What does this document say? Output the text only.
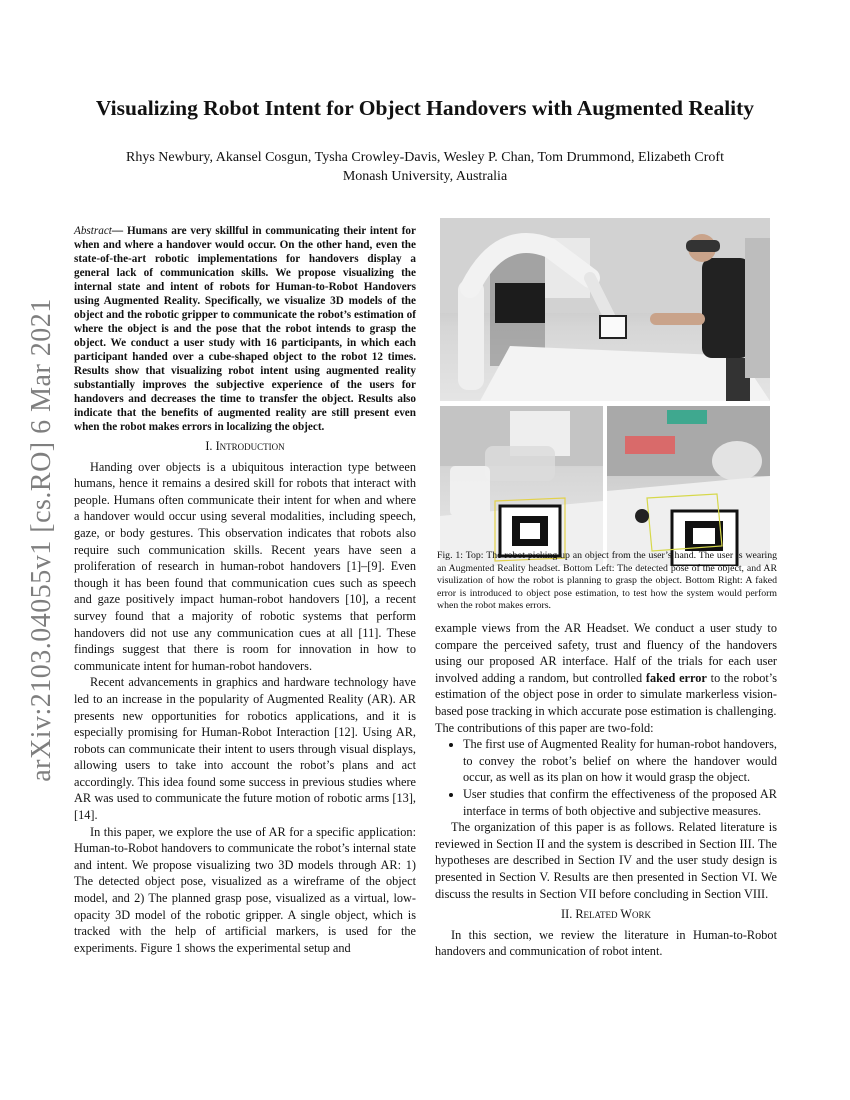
arXiv:2103.04055v1 [cs.RO] 6 Mar 2021
Visualizing Robot Intent for Object Handovers with Augmented Reality
Rhys Newbury, Akansel Cosgun, Tysha Crowley-Davis, Wesley P. Chan, Tom Drummond, Elizabeth Croft
Monash University, Australia

Abstract— Humans are very skillful in communicating their intent for when and where a handover would occur. On the other hand, even the state-of-the-art robotic implementations for handovers display a general lack of communication skills. We propose visualizing the internal state and intent of robots for Human-to-Robot Handovers using Augmented Reality. Specifically, we visualize 3D models of the object and the robotic gripper to communicate the robot’s estimation of where the object is and the pose that the robot intends to grasp the object. We conduct a user study with 16 participants, in which each participant handed over a cube-shaped object to the robot 12 times. Results show that visualizing robot intent using augmented reality substantially improves the subjective experience of the users for handovers and decreases the time to transfer the object. Results also indicate that the benefits of augmented reality are still present even when the robot makes errors in localizing the object.

I. Introduction

Handing over objects is a ubiquitous interaction type between humans, hence it remains a desired skill for robots that interact with people. Humans often communicate their intent for when and where a handover would occur using several modalities, including speech, gaze, or body gestures. This observation indicates that robots also require such communication skills. Recent years have seen a proliferation of research in human-robot handovers [1]–[9]. Even though it has been found that communication cues such as speech and gaze positively impact human-robot handovers [10], a recent survey found that a majority of robotic systems that perform handovers did not use any communication cues at all [11]. These findings suggest that there is room for innovation in how to communicate intent for human-robot handovers.

Recent advancements in graphics and hardware technology have led to an increase in the popularity of Augmented Reality (AR). AR presents new opportunities for robotics applications, and it is especially promising for Human-Robot Interaction [12]. Using AR, robots can communicate their intent to users through visual displays, allowing users to take into account the robot’s plans and act accordingly. This idea found some success in previous studies where AR was used to communicate the future motion of robotic arms [13], [14].

In this paper, we explore the use of AR for a specific application: Human-to-Robot handovers to communicate the robot’s internal state and intent. We propose visualizing two 3D models through AR: 1) The detected object pose, visualized as a wireframe of the object model, and 2) The planned grasp pose, visualized as a virtual, low-opacity 3D model of the robotic gripper. A single object, which is tracked with the help of artificial markers, is used for the experiments. Figure 1 shows the experimental setup and

Fig. 1: Top: The robot picking up an object from the user’s hand. The user is wearing an Augmented Reality headset. Bottom Left: The detected pose of the object, and AR visulization of how the robot is planning to grasp the object. Bottom Right: A faked error is introduced to object pose estimation, to test how the system would perform when the robot makes errors.

example views from the AR Headset. We conduct a user study to compare the perceived safety, trust and fluency of the handovers using our proposed AR interface. Half of the trials for each user involved adding a random, but controlled faked error to the robot’s estimation of the object pose in order to simulate markerless vision-based pose tracking in which accurate pose estimation is challenging.

The contributions of this paper are two-fold:

• The first use of Augmented Reality for human-robot handovers, to convey the robot’s belief on where the handover would occur, as well as its plan on how it would grasp the object.
• User studies that confirm the effectiveness of the proposed AR interface in terms of both objective and subjective measures.

The organization of this paper is as follows. Related literature is reviewed in Section II and the system is described in Section III. The hypotheses are described in Section IV and the user study design is presented in Section V. Results are then presented in Section VI. We discuss the results in Section VII before concluding in Section VIII.

II. Related Work

In this section, we review the literature in Human-to-Robot handovers and communication of robot intent.
